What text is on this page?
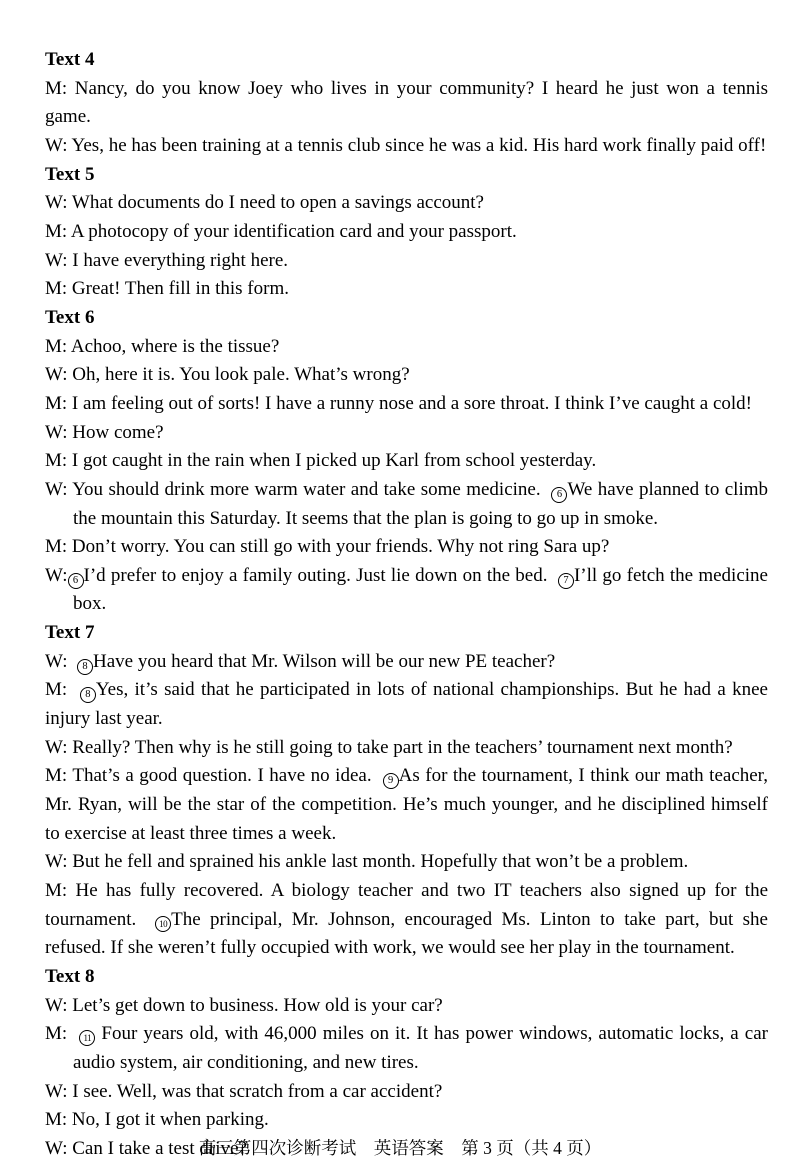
Text 4

M: Nancy, do you know Joey who lives in your community? I heard he just won a tennis game.

W: Yes, he has been training at a tennis club since he was a kid. His hard work finally paid off!

Text 5

W: What documents do I need to open a savings account?

M: A photocopy of your identification card and your passport.

W: I have everything right here.

M: Great! Then fill in this form.

Text 6

M: Achoo, where is the tissue?

W: Oh, here it is. You look pale. What’s wrong?

M: I am feeling out of sorts! I have a runny nose and a sore throat. I think I’ve caught a cold!

W: How come?

M: I got caught in the rain when I picked up Karl from school yesterday.

W: You should drink more warm water and take some medicine.  6 We have planned to climb the mountain this Saturday. It seems that the plan is going to go up in smoke.

M: Don’t worry. You can still go with your friends. Why not ring Sara up?

W: 6 I’d prefer to enjoy a family outing. Just lie down on the bed.  7 I’ll go fetch the medicine box.

Text 7

W:  8 Have you heard that Mr. Wilson will be our new PE teacher?

M:  8 Yes, it’s said that he participated in lots of national championships. But he had a knee injury last year.

W: Really? Then why is he still going to take part in the teachers’ tournament next month?

M: That’s a good question. I have no idea.  9 As for the tournament, I think our math teacher, Mr. Ryan, will be the star of the competition. He’s much younger, and he disciplined himself to exercise at least three times a week.

W: But he fell and sprained his ankle last month. Hopefully that won’t be a problem.

M: He has fully recovered. A biology teacher and two IT teachers also signed up for the tournament.  10 The principal, Mr. Johnson, encouraged Ms. Linton to take part, but she refused. If she weren’t fully occupied with work, we would see her play in the tournament.

Text 8

W: Let’s get down to business. How old is your car?

M:  11 Four years old, with 46,000 miles on it. It has power windows, automatic locks, a car audio system, air conditioning, and new tires.

W: I see. Well, was that scratch from a car accident?

M: No, I got it when parking.

W: Can I take a test drive?

高三第四次诊断考试　英语答案　第 3 页（共 4 页）
